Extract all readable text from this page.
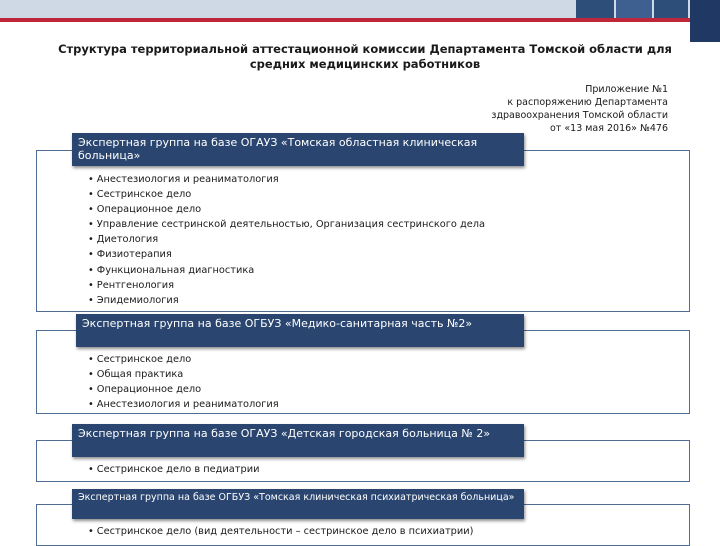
Структура территориальной аттестационной комиссии Департамента Томской области для средних медицинских работников
Приложение №1
к распоряжению Департамента
здравоохранения Томской области
от «13 мая 2016» №476
Экспертная группа на базе ОГАУЗ «Томская областная клиническая больница»
• Анестезиология и реаниматология
• Сестринское дело
• Операционное дело
• Управление сестринской деятельностью, Организация сестринского дела
• Диетология
• Физиотерапия
• Функциональная диагностика
• Рентгенология
• Эпидемиология
Экспертная группа на базе ОГБУЗ «Медико-санитарная часть №2»
• Сестринское дело
• Общая практика
• Операционное дело
• Анестезиология и реаниматология
Экспертная группа на базе ОГАУЗ «Детская городская больница № 2»
• Сестринское дело в педиатрии
Экспертная группа на базе ОГБУЗ «Томская клиническая психиатрическая больница»
• Сестринское дело (вид деятельности – сестринское дело в психиатрии)
